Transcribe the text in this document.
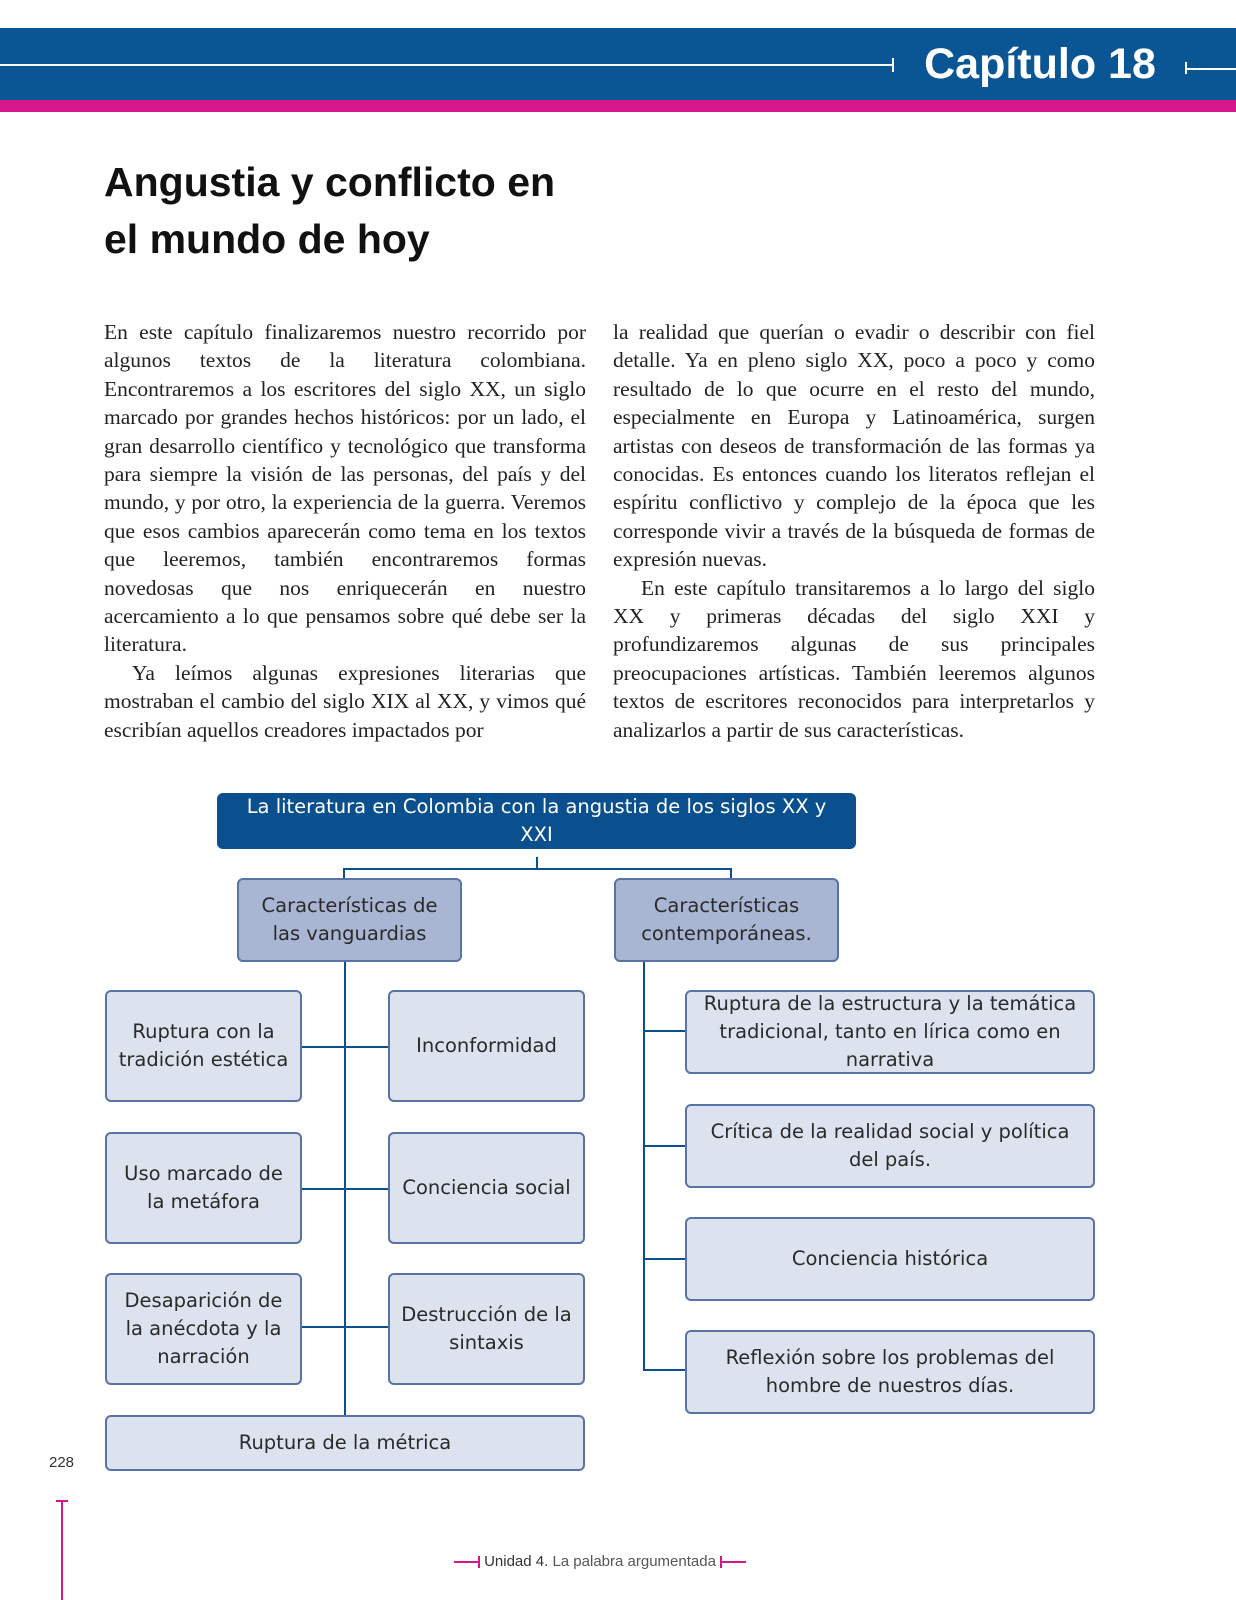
Capítulo 18
Angustia y conflicto en
el mundo de hoy

En este capítulo finalizaremos nuestro recorrido por algunos textos de la literatura colombiana. Encontraremos a los escritores del siglo XX, un siglo marcado por grandes hechos históricos: por un lado, el gran desarrollo científico y tecnológico que transforma para siempre la visión de las personas, del país y del mundo, y por otro, la experiencia de la guerra. Veremos que esos cambios aparecerán como tema en los textos que leeremos, también encontraremos formas novedosas que nos enriquecerán en nuestro acercamiento a lo que pensamos sobre qué debe ser la literatura.

Ya leímos algunas expresiones literarias que mostraban el cambio del siglo XIX al XX, y vimos qué escribían aquellos creadores impactados por

la realidad que querían o evadir o describir con fiel detalle. Ya en pleno siglo XX, poco a poco y como resultado de lo que ocurre en el resto del mundo, especialmente en Europa y Latinoamérica, surgen artistas con deseos de transformación de las formas ya conocidas. Es entonces cuando los literatos reflejan el espíritu conflictivo y complejo de la época que les corresponde vivir a través de la búsqueda de formas de expresión nuevas.

En este capítulo transitaremos a lo largo del siglo XX y primeras décadas del siglo XXI y profundizaremos algunas de sus principales preocupaciones artísticas. También leeremos algunos textos de escritores reconocidos para interpretarlos y analizarlos a partir de sus características.

La literatura en Colombia con la angustia de los siglos XX y XXI
Características de las vanguardias
Características contemporáneas.
Ruptura con la tradición estética
Inconformidad
Uso marcado de la metáfora
Conciencia social
Desaparición de la anécdota y la narración
Destrucción de la sintaxis
Ruptura de la métrica
Ruptura de la estructura y la temática tradicional, tanto en lírica como en narrativa
Crítica de la realidad social y política del país.
Conciencia histórica
Reflexión sobre los problemas del hombre de nuestros días.
228
Unidad 4. La palabra argumentada
